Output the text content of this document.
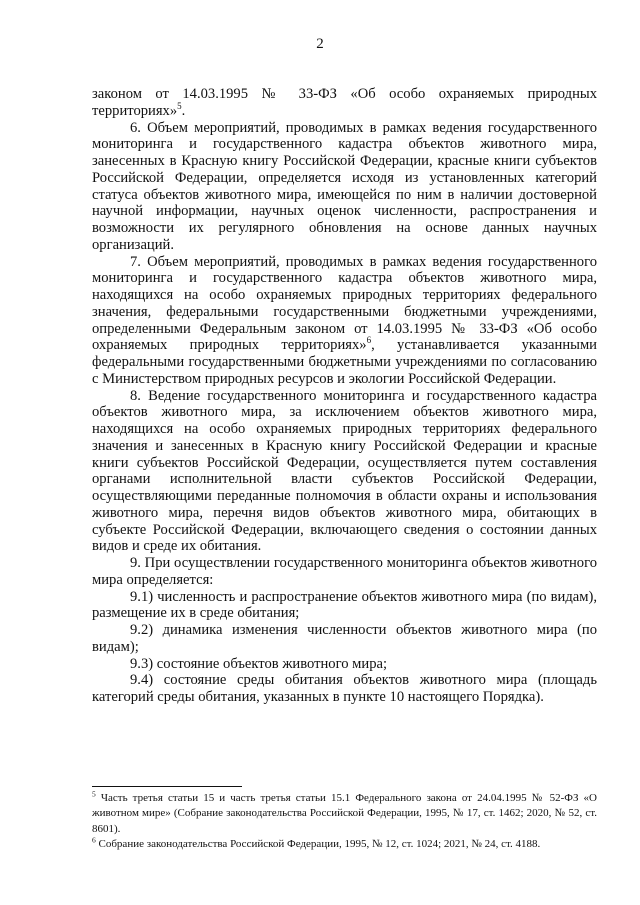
2

законом от 14.03.1995 № 33-ФЗ «Об особо охраняемых природных территориях»$^5$.

6. Объем мероприятий, проводимых в рамках ведения государственного мониторинга и государственного кадастра объектов животного мира, занесенных в Красную книгу Российской Федерации, красные книги субъектов Российской Федерации, определяется исходя из установленных категорий статуса объектов животного мира, имеющейся по ним в наличии достоверной научной информации, научных оценок численности, распространения и возможности их регулярного обновления на основе данных научных организаций.

7. Объем мероприятий, проводимых в рамках ведения государственного мониторинга и государственного кадастра объектов животного мира, находящихся на особо охраняемых природных территориях федерального значения, федеральными государственными бюджетными учреждениями, определенными Федеральным законом от 14.03.1995 № 33-ФЗ «Об особо охраняемых природных территориях»$^6$, устанавливается указанными федеральными государственными бюджетными учреждениями по согласованию с Министерством природных ресурсов и экологии Российской Федерации.

8. Ведение государственного мониторинга и государственного кадастра объектов животного мира, за исключением объектов животного мира, находящихся на особо охраняемых природных территориях федерального значения и занесенных в Красную книгу Российской Федерации и красные книги субъектов Российской Федерации, осуществляется путем составления органами исполнительной власти субъектов Российской Федерации, осуществляющими переданные полномочия в области охраны и использования животного мира, перечня видов объектов животного мира, обитающих в субъекте Российской Федерации, включающего сведения о состоянии данных видов и среде их обитания.

9. При осуществлении государственного мониторинга объектов животного мира определяется:

9.1) численность и распространение объектов животного мира (по видам), размещение их в среде обитания;

9.2) динамика изменения численности объектов животного мира (по видам);

9.3) состояние объектов животного мира;

9.4) состояние среды обитания объектов животного мира (площадь категорий среды обитания, указанных в пункте 10 настоящего Порядка).

$^5$ Часть третья статьи 15 и часть третья статьи 15.1 Федерального закона от 24.04.1995 № 52-ФЗ «О животном мире» (Собрание законодательства Российской Федерации, 1995, № 17, ст. 1462; 2020, № 52, ст. 8601).

$^6$ Собрание законодательства Российской Федерации, 1995, № 12, ст. 1024; 2021, № 24, ст. 4188.
